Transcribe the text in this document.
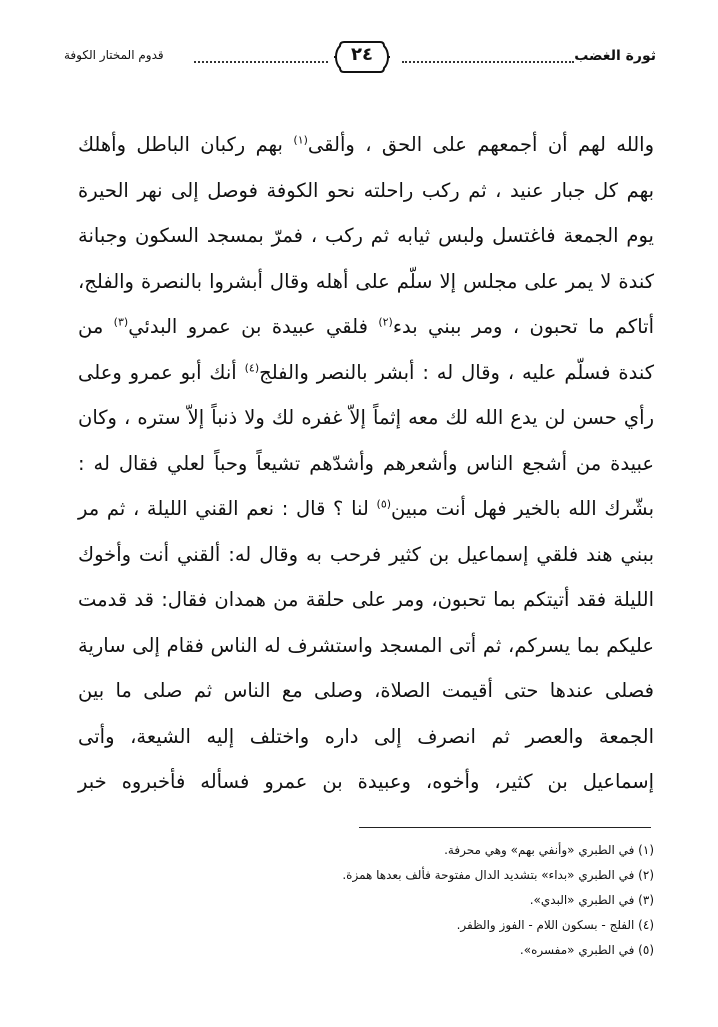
ثورة الغضب
٢٤
قدوم المختار الكوفة
والله لهم أن أجمعهم على الحق ، وألقى$^{(١)}$ بهم ركبان الباطل وأهلك
بهم كل جبار عنيد ، ثم ركب راحلته نحو الكوفة فوصل إلى نهر الحيرة
يوم الجمعة فاغتسل ولبس ثيابه ثم ركب ، فمرّ بمسجد السكون وجبانة
كندة لا يمر على مجلس إلا سلّم على أهله وقال أبشروا بالنصرة والفلج،
أتاكم ما تحبون ، ومر ببني بدء$^{(٢)}$ فلقي عبيدة بن عمرو البدئي$^{(٣)}$ من
كندة فسلّم عليه ، وقال له : أبشر بالنصر والفلج$^{(٤)}$ أنك أبو عمرو وعلى
رأي حسن لن يدع الله لك معه إثماً إلاّ غفره لك ولا ذنباً إلاّ ستره ، وكان
عبيدة من أشجع الناس وأشعرهم وأشدّهم تشيعاً وحباً لعلي فقال له :
بشّرك الله بالخير فهل أنت مبين$^{(٥)}$ لنا ؟ قال : نعم القني الليلة ، ثم مر
ببني هند فلقي إسماعيل بن كثير فرحب به وقال له: ألقني أنت وأخوك
الليلة فقد أتيتكم بما تحبون، ومر على حلقة من همدان فقال: قد قدمت
عليكم بما يسركم، ثم أتى المسجد واستشرف له الناس فقام إلى سارية
فصلى عندها حتى أقيمت الصلاة، وصلى مع الناس ثم صلى ما بين
الجمعة والعصر ثم انصرف إلى داره واختلف إليه الشيعة، وأتى
إسماعيل بن كثير، وأخوه، وعبيدة بن عمرو فسأله فأخبروه خبر
(١) في الطبري «وأنفي بهم» وهي محرفة.
(٢) في الطبري «بداء» بتشديد الدال مفتوحة فألف بعدها همزة.
(٣) في الطبري «البدي».
(٤) الفلج - بسكون اللام - الفوز والظفر.
(٥) في الطبري «مفسره».
